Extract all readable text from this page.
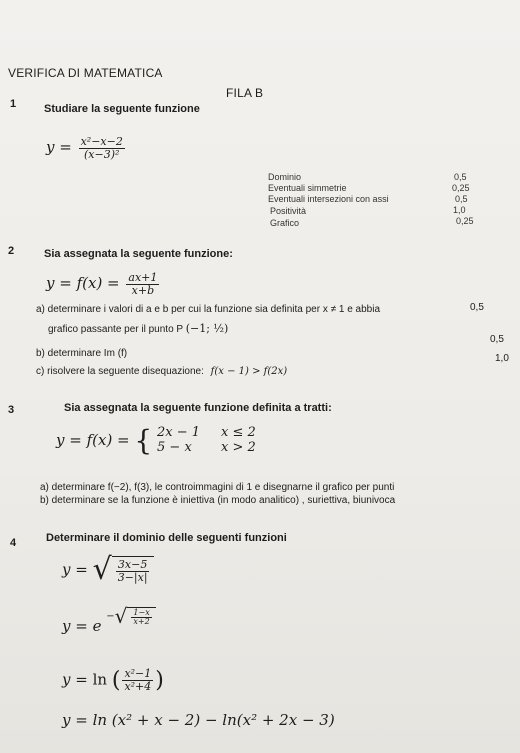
VERIFICA DI MATEMATICA
FILA B
1	Studiare la seguente funzione
$y = \frac{\text{x²−x−2}}{\text{(x−3)²}}$
Dominio	0,5
Eventuali simmetrie	0,25
Eventuali intersezioni con assi	0,5
Positività	1,0
Grafico	0,25
2	Sia assegnata la seguente funzione:
$y = f(x) = \frac{ax+1}{x+b}$
a) determinare i valori di a e b per cui la funzione sia definita per x ≠ 1 e abbia	0,5
grafico passante per il punto P (−1; ½)
0,5
b) determinare Im (f)	1,0
c) risolvere la seguente disequazione: f(x − 1) > f(2x)
3	Sia assegnata la seguente funzione definita a tratti:
y = f(x) = { 2x − 1 x ≤ 2
5 − x x > 2
a) determinare f(−2), f(3), le controimmagini di 1 e disegnarne il grafico per punti
b) determinare se la funzione è iniettiva (in modo analitico) , suriettiva, biunivoca
4	Determinare il dominio delle seguenti funzioni
y = √ $\frac{3x-5}{3-|x|}$
y = e
− √ $\frac{1-x}{x+2}$
y = ln ( $\frac{\text{x²−1}}{\text{x²+4}}$ )
y = ln (x² + x − 2) − ln(x² + 2x − 3)
